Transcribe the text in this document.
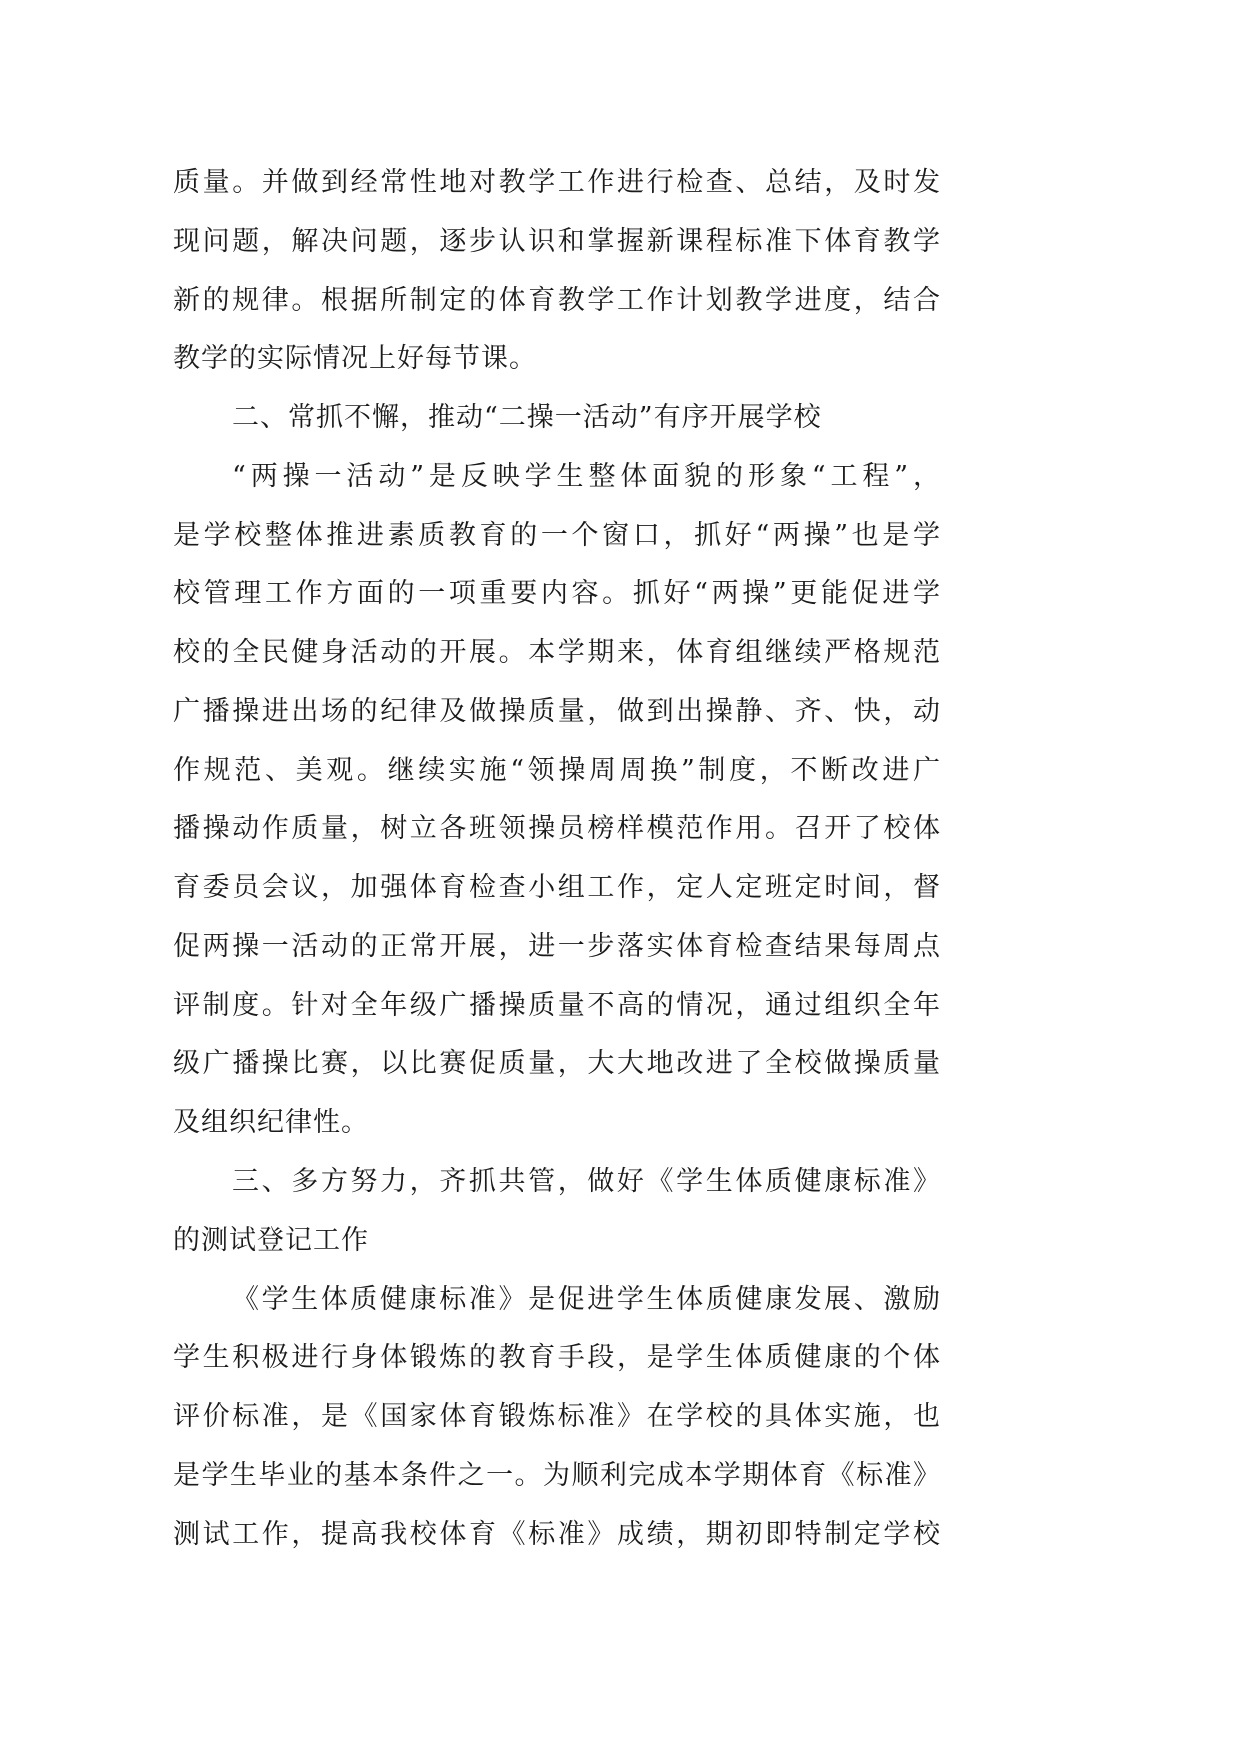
质量。并做到经常性地对教学工作进行检查、总结，及时发
现问题，解决问题，逐步认识和掌握新课程标准下体育教学
新的规律。根据所制定的体育教学工作计划教学进度，结合
教学的实际情况上好每节课。
二、常抓不懈，推动“二操一活动”有序开展学校
“两操一活动”是反映学生整体面貌的形象“工程”，
是学校整体推进素质教育的一个窗口，抓好“两操”也是学
校管理工作方面的一项重要内容。抓好“两操”更能促进学
校的全民健身活动的开展。本学期来，体育组继续严格规范
广播操进出场的纪律及做操质量，做到出操静、齐、快，动
作规范、美观。继续实施“领操周周换”制度，不断改进广
播操动作质量，树立各班领操员榜样模范作用。召开了校体
育委员会议，加强体育检查小组工作，定人定班定时间，督
促两操一活动的正常开展，进一步落实体育检查结果每周点
评制度。针对全年级广播操质量不高的情况，通过组织全年
级广播操比赛，以比赛促质量，大大地改进了全校做操质量
及组织纪律性。
三、多方努力，齐抓共管，做好《学生体质健康标准》
的测试登记工作
《学生体质健康标准》是促进学生体质健康发展、激励
学生积极进行身体锻炼的教育手段，是学生体质健康的个体
评价标准，是《国家体育锻炼标准》在学校的具体实施，也
是学生毕业的基本条件之一。为顺利完成本学期体育《标准》
测试工作，提高我校体育《标准》成绩，期初即特制定学校
